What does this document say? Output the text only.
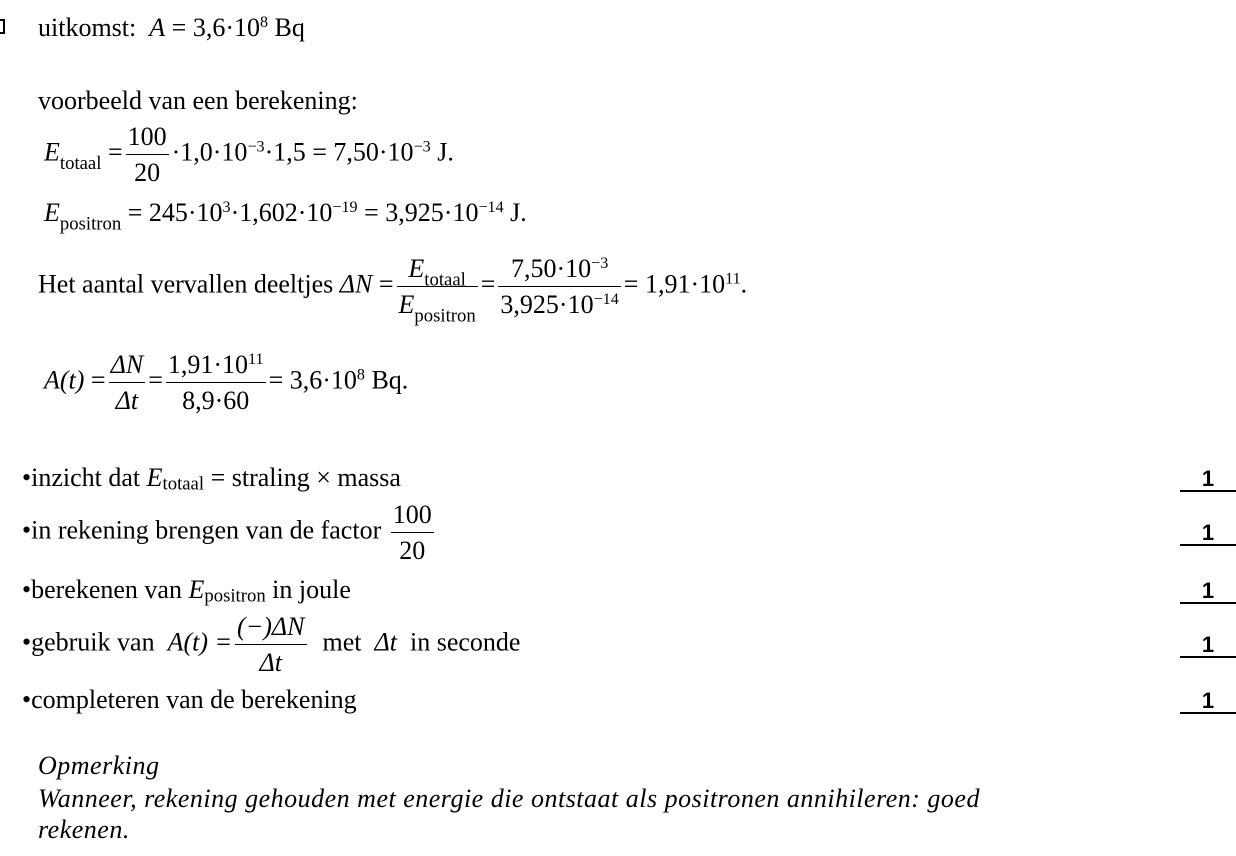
uitkomst: $A = 3,6\cdot 10^8$ Bq
voorbeeld van een berekening:
$E_{totaal} = \frac{100}{20} \cdot 1,0\cdot 10^{-3}\cdot 1,5 = 7,50\cdot 10^{-3}$ J.
$E_{positron} = 245\cdot 10^3\cdot 1,602\cdot 10^{-19} = 3,925\cdot 10^{-14}$ J.
Het aantal vervallen deeltjes $\Delta N = \frac{E_{totaal}}{E_{positron}} = \frac{7,50\cdot 10^{-3}}{3,925\cdot 10^{-14}} = 1,91\cdot 10^{11}$.
$A(t) = \frac{\Delta N}{\Delta t} = \frac{1,91\cdot 10^{11}}{8,9\cdot 60} = 3,6\cdot 10^8$ Bq.
•inzicht dat $E_{totaal}$ = straling × massa	1
•in rekening brengen van de factor $\frac{100}{20}$	1
•berekenen van $E_{positron}$ in joule	1
•gebruik van  $A(t) = \frac{(-)\Delta N}{\Delta t}$ met  Δt  in seconde	1
•completeren van de berekening	1
Opmerking
Wanneer, rekening gehouden met energie die ontstaat als positronen annihileren: goed
rekenen.
